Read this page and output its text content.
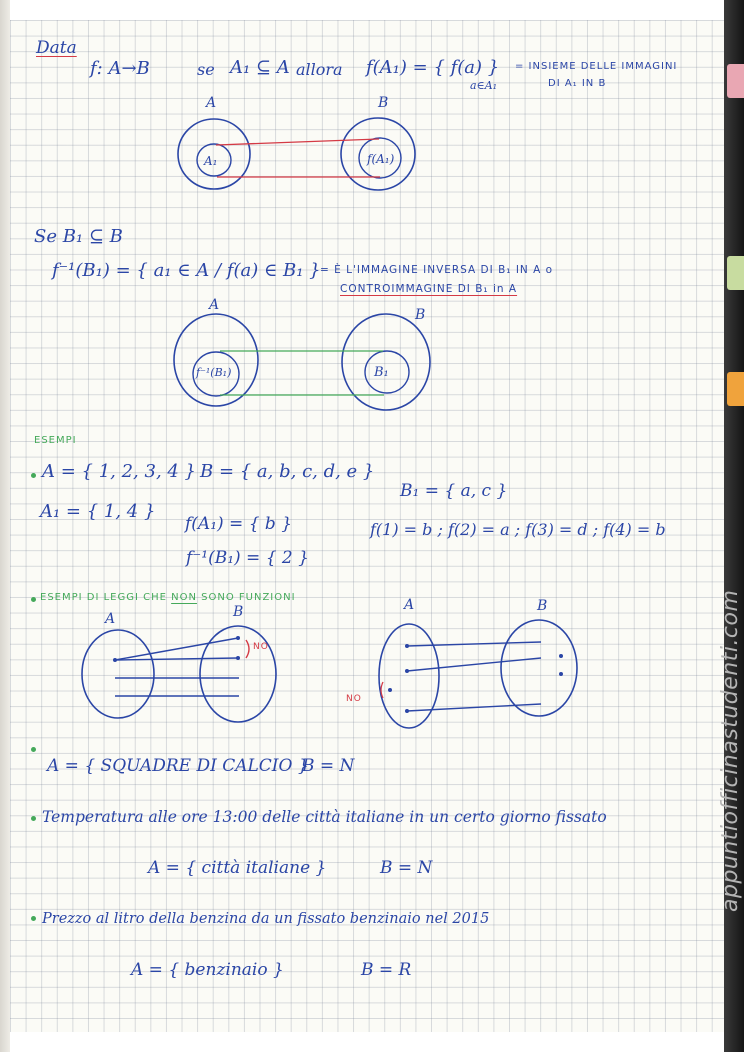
Data
f: A→B	se A₁ ⊆ A allora f(A₁) = { f(a) }
a∈A₁
= INSIEME DELLE IMMAGINI
DI A₁ IN B
A
A₁
B
f(A₁)
Se B₁ ⊆ B
f⁻¹(B₁) = { a₁ ∈ A / f(a) ∈ B₁ } = È L'IMMAGINE INVERSA DI B₁ IN A o
CONTROIMMAGINE DI B₁ in A
A
f⁻¹(B₁)
B
B₁
ESEMPI
A = { 1, 2, 3, 4 } B = { a, b, c, d, e }
B₁ = { a, c }
A₁ = { 1, 4 }
f(1) = b ; f(2) = a ; f(3) = d ; f(4) = b
f(A₁) = { b }
f⁻¹(B₁) = { 2 }
ESEMPI DI LEGGI CHE NON SONO FUNZIONI
A	B
NO
A	B
NO
A = { SQUADRE DI CALCIO }
B = N
Temperatura alle ore 13:00 delle città italiane in un certo giorno fissato
A = { città italiane }	B = N
Prezzo al litro della benzina da un fissato benzinaio nel 2015
A = { benzinaio }	B = R
appuntiofficinastudenti.com
